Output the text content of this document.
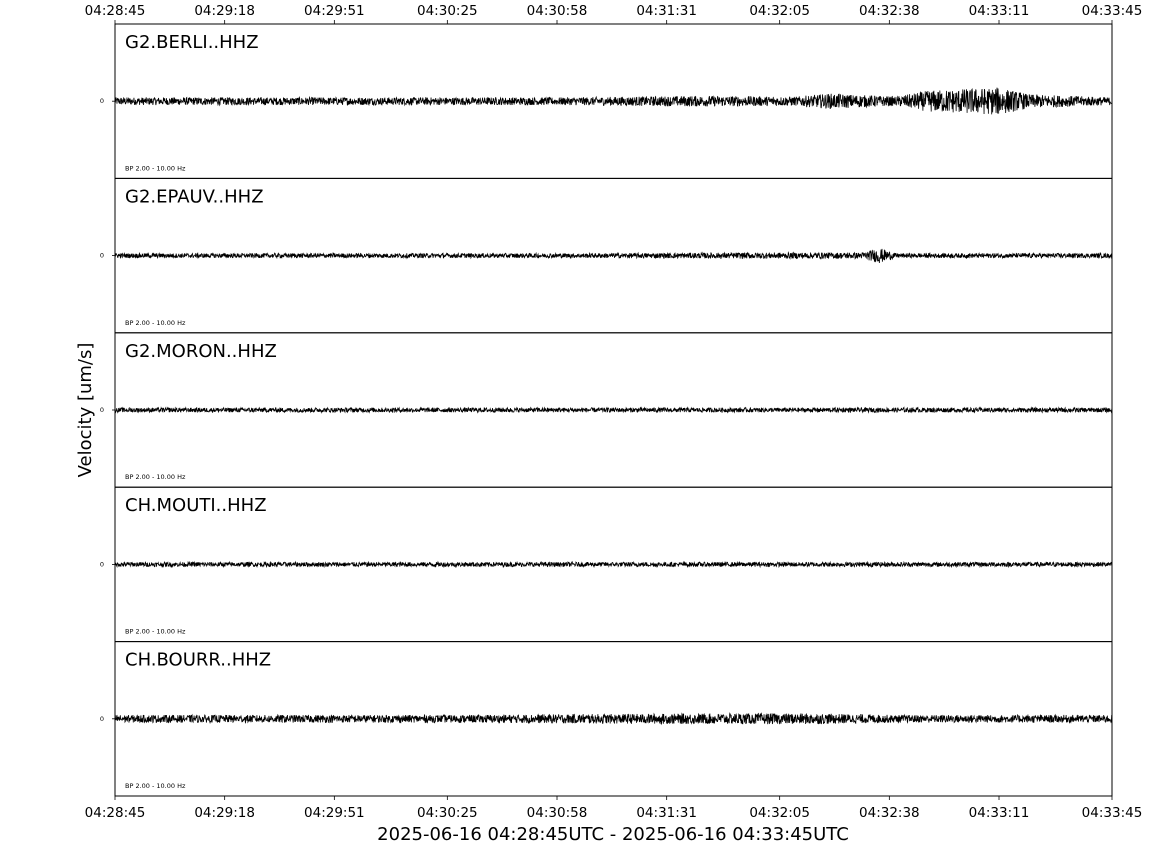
G2.BERLI..HHZ
0
BP 2.00 - 10.00 Hz
G2.EPAUV..HHZ
0
BP 2.00 - 10.00 Hz
G2.MORON..HHZ
0
BP 2.00 - 10.00 Hz
CH.MOUTI..HHZ
0
BP 2.00 - 10.00 Hz
CH.BOURR..HHZ
0
BP 2.00 - 10.00 Hz
04:28:45	04:29:18	04:29:51	04:30:25	04:30:58	04:31:31	04:32:05	04:32:38	04:33:11	04:33:45
04:28:45	04:29:18	04:29:51	04:30:25	04:30:58	04:31:31	04:32:05	04:32:38	04:33:11	04:33:45
Velocity [um/s]
2025-06-16 04:28:45UTC - 2025-06-16 04:33:45UTC
